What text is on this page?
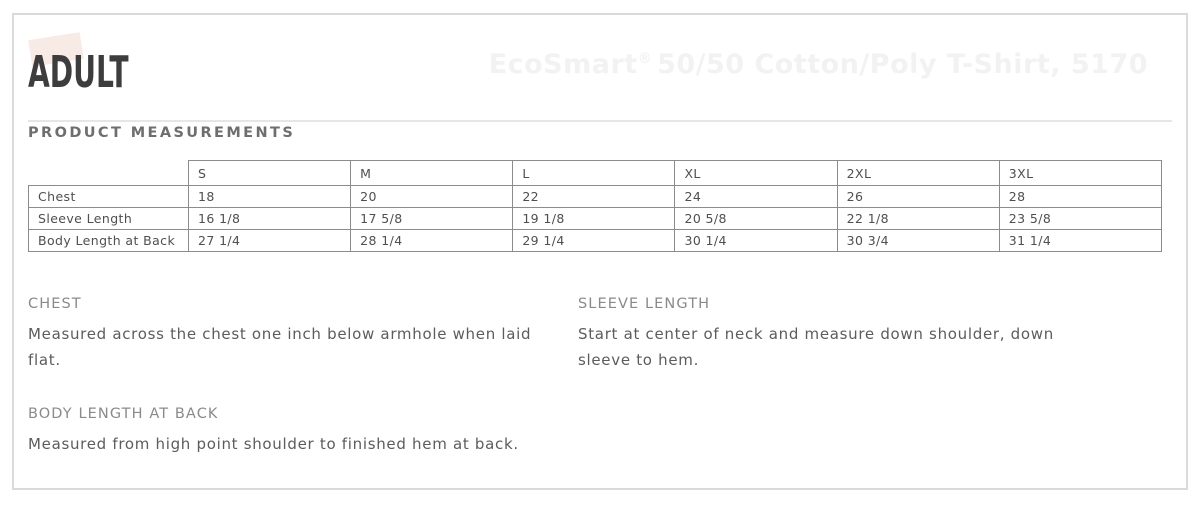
ADULT	EcoSmart® 50/50 Cotton/Poly T-Shirt, 5170
PRODUCT MEASUREMENTS
	S	M	L	XL	2XL	3XL
Chest	18	20	22	24	26	28
Sleeve Length	16 1/8	17 5/8	19 1/8	20 5/8	22 1/8	23 5/8
Body Length at Back	27 1/4	28 1/4	29 1/4	30 1/4	30 3/4	31 1/4
CHEST
Measured across the chest one inch below armhole when laid flat.
SLEEVE LENGTH
Start at center of neck and measure down shoulder, down sleeve to hem.
BODY LENGTH AT BACK
Measured from high point shoulder to finished hem at back.
